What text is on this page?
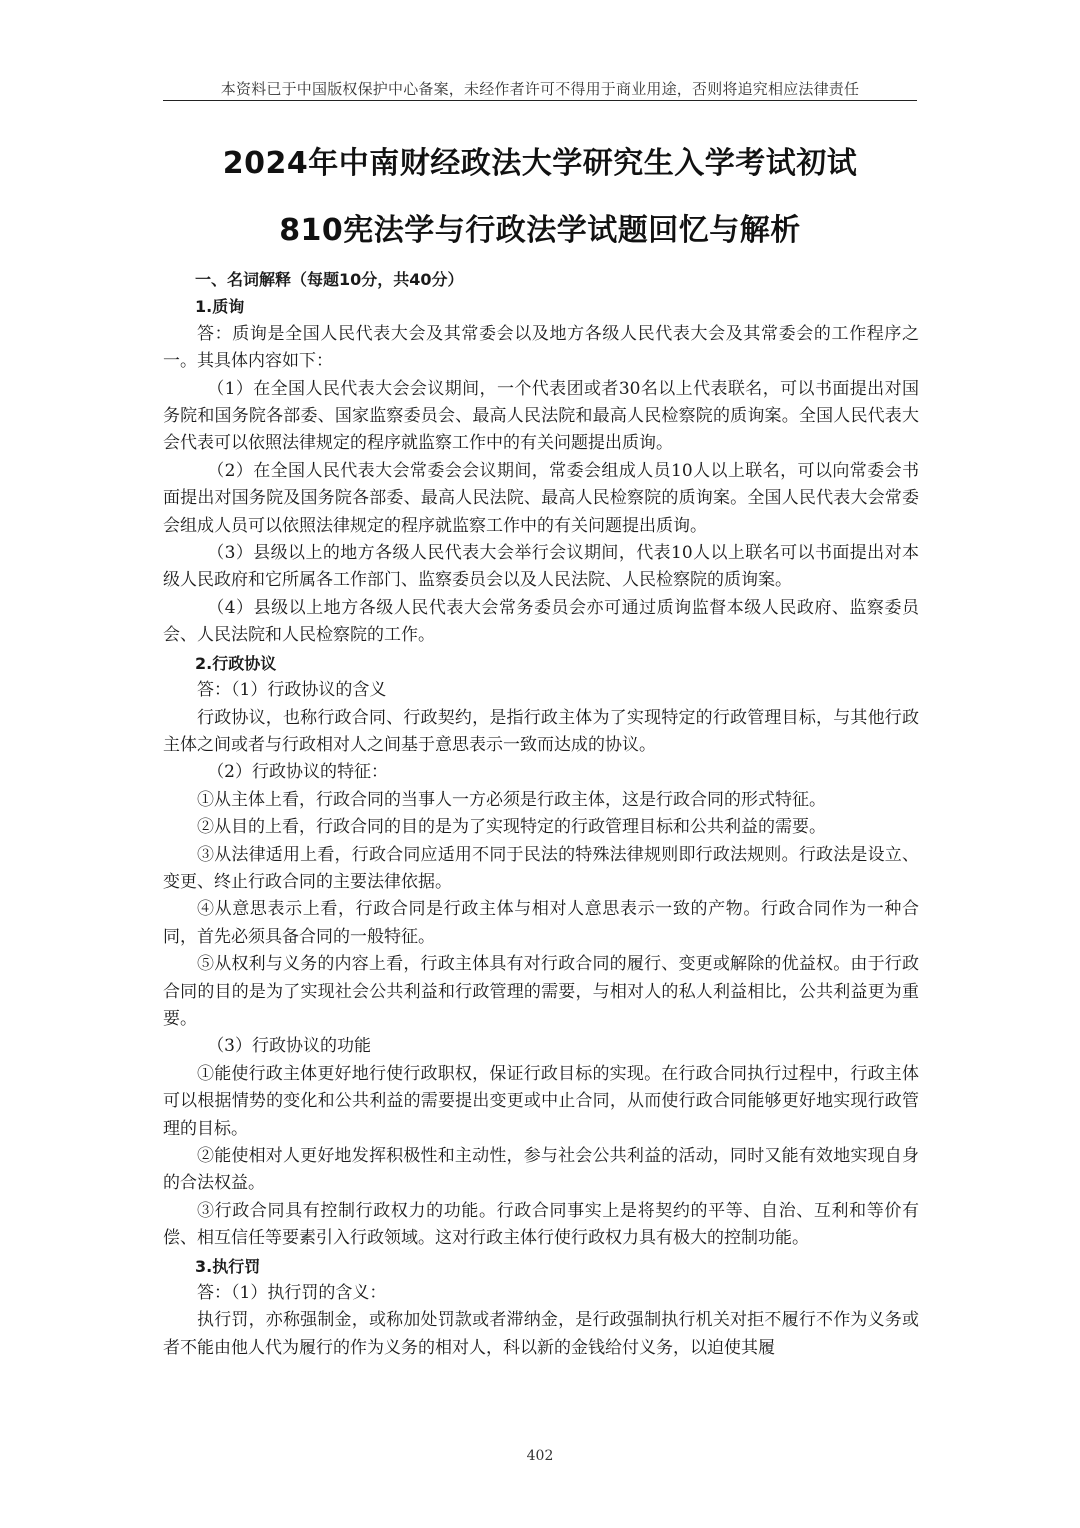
本资料已于中国版权保护中心备案，未经作者许可不得用于商业用途，否则将追究相应法律责任
2024年中南财经政法大学研究生入学考试初试
810宪法学与行政法学试题回忆与解析

一、名词解释（每题10分，共40分）

1.质询

答：质询是全国人民代表大会及其常委会以及地方各级人民代表大会及其常委会的工作程序之一。其具体内容如下：

（1）在全国人民代表大会会议期间，一个代表团或者30名以上代表联名，可以书面提出对国务院和国务院各部委、国家监察委员会、最高人民法院和最高人民检察院的质询案。全国人民代表大会代表可以依照法律规定的程序就监察工作中的有关问题提出质询。

（2）在全国人民代表大会常委会会议期间，常委会组成人员10人以上联名，可以向常委会书面提出对国务院及国务院各部委、最高人民法院、最高人民检察院的质询案。全国人民代表大会常委会组成人员可以依照法律规定的程序就监察工作中的有关问题提出质询。

（3）县级以上的地方各级人民代表大会举行会议期间，代表10人以上联名可以书面提出对本级人民政府和它所属各工作部门、监察委员会以及人民法院、人民检察院的质询案。

（4）县级以上地方各级人民代表大会常务委员会亦可通过质询监督本级人民政府、监察委员会、人民法院和人民检察院的工作。

2.行政协议

答：（1）行政协议的含义

行政协议，也称行政合同、行政契约，是指行政主体为了实现特定的行政管理目标，与其他行政主体之间或者与行政相对人之间基于意思表示一致而达成的协议。

（2）行政协议的特征：

①从主体上看，行政合同的当事人一方必须是行政主体，这是行政合同的形式特征。

②从目的上看，行政合同的目的是为了实现特定的行政管理目标和公共利益的需要。

③从法律适用上看，行政合同应适用不同于民法的特殊法律规则即行政法规则。行政法是设立、变更、终止行政合同的主要法律依据。

④从意思表示上看，行政合同是行政主体与相对人意思表示一致的产物。行政合同作为一种合同，首先必须具备合同的一般特征。

⑤从权利与义务的内容上看，行政主体具有对行政合同的履行、变更或解除的优益权。由于行政合同的目的是为了实现社会公共利益和行政管理的需要，与相对人的私人利益相比，公共利益更为重要。

（3）行政协议的功能

①能使行政主体更好地行使行政职权，保证行政目标的实现。在行政合同执行过程中，行政主体可以根据情势的变化和公共利益的需要提出变更或中止合同，从而使行政合同能够更好地实现行政管理的目标。

②能使相对人更好地发挥积极性和主动性，参与社会公共利益的活动，同时又能有效地实现自身的合法权益。

③行政合同具有控制行政权力的功能。行政合同事实上是将契约的平等、自治、互利和等价有偿、相互信任等要素引入行政领域。这对行政主体行使行政权力具有极大的控制功能。

3.执行罚

答：（1）执行罚的含义：

执行罚，亦称强制金，或称加处罚款或者滞纳金，是行政强制执行机关对拒不履行不作为义务或者不能由他人代为履行的作为义务的相对人，科以新的金钱给付义务，以迫使其履

402
